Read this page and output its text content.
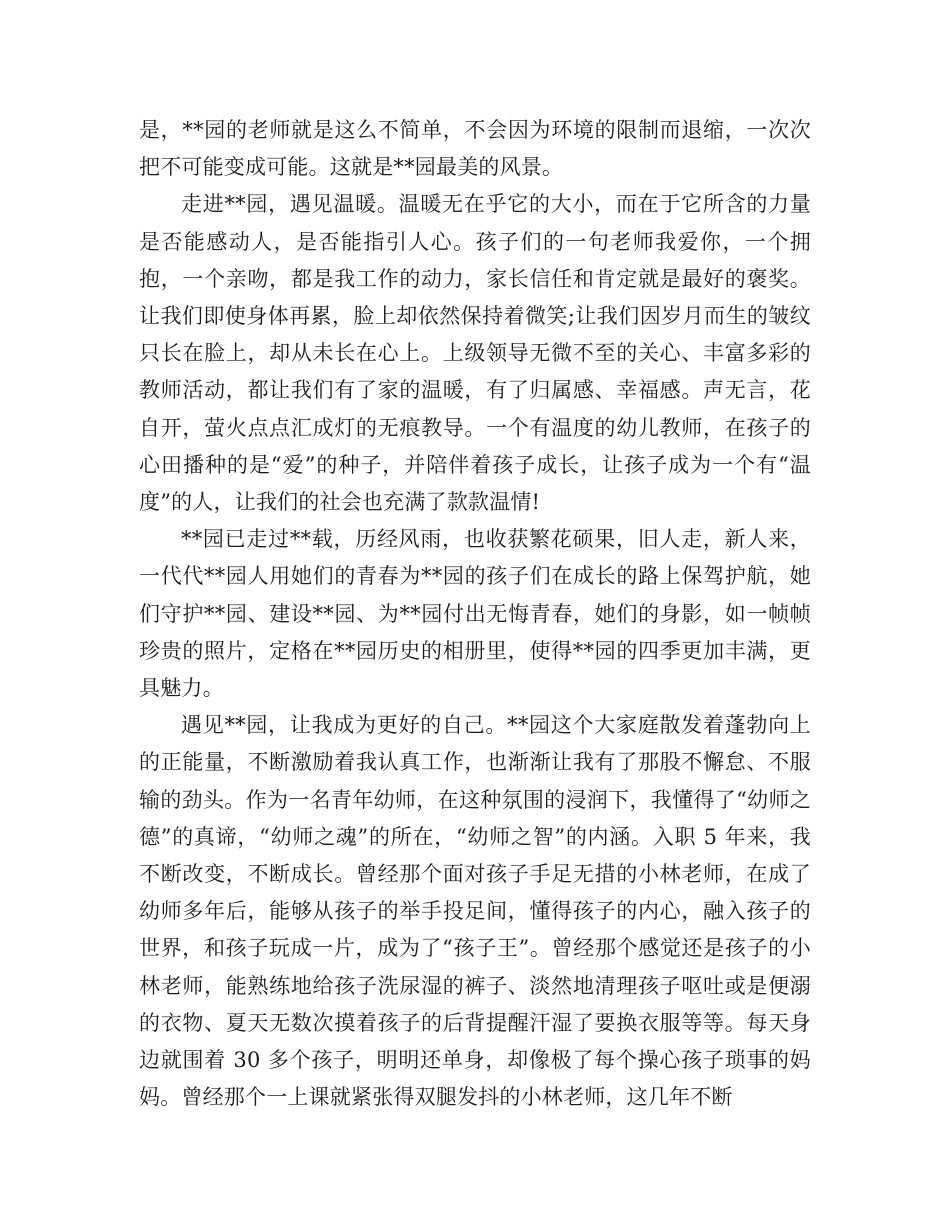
是，**园的老师就是这么不简单，不会因为环境的限制而退缩，一次次把不可能变成可能。这就是**园最美的风景。

走进**园，遇见温暖。温暖无在乎它的大小，而在于它所含的力量是否能感动人，是否能指引人心。孩子们的一句老师我爱你，一个拥抱，一个亲吻，都是我工作的动力，家长信任和肯定就是最好的褒奖。让我们即使身体再累，脸上却依然保持着微笑;让我们因岁月而生的皱纹只长在脸上，却从未长在心上。上级领导无微不至的关心、丰富多彩的教师活动，都让我们有了家的温暖，有了归属感、幸福感。声无言，花自开，萤火点点汇成灯的无痕教导。一个有温度的幼儿教师，在孩子的心田播种的是“爱”的种子，并陪伴着孩子成长，让孩子成为一个有“温度”的人，让我们的社会也充满了款款温情!

**园已走过**载，历经风雨，也收获繁花硕果，旧人走，新人来，一代代**园人用她们的青春为**园的孩子们在成长的路上保驾护航，她们守护**园、建设**园、为**园付出无悔青春，她们的身影，如一帧帧珍贵的照片，定格在**园历史的相册里，使得**园的四季更加丰满，更具魅力。

遇见**园，让我成为更好的自己。**园这个大家庭散发着蓬勃向上的正能量，不断激励着我认真工作，也渐渐让我有了那股不懈怠、不服输的劲头。作为一名青年幼师，在这种氛围的浸润下，我懂得了“幼师之德”的真谛，“幼师之魂”的所在，“幼师之智”的内涵。入职 5 年来，我不断改变，不断成长。曾经那个面对孩子手足无措的小林老师，在成了幼师多年后，能够从孩子的举手投足间，懂得孩子的内心，融入孩子的世界，和孩子玩成一片，成为了“孩子王”。曾经那个感觉还是孩子的小林老师，能熟练地给孩子洗尿湿的裤子、淡然地清理孩子呕吐或是便溺的衣物、夏天无数次摸着孩子的后背提醒汗湿了要换衣服等等。每天身边就围着 30 多个孩子，明明还单身，却像极了每个操心孩子琐事的妈妈。曾经那个一上课就紧张得双腿发抖的小林老师，这几年不断
